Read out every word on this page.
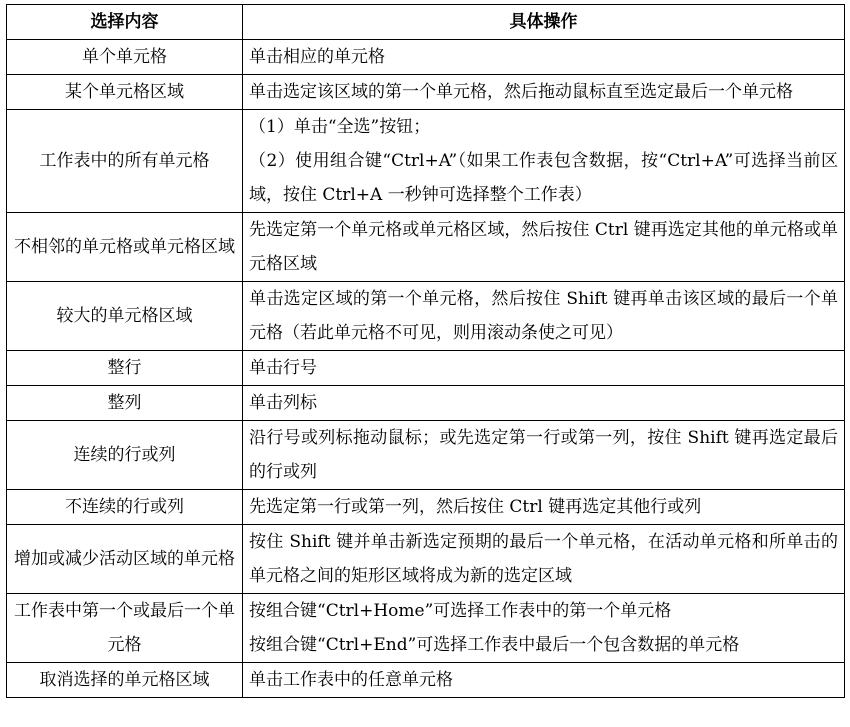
选择内容	具体操作
单个单元格	单击相应的单元格

某个单元格区域	单击选定该区域的第一个单元格，然后拖动鼠标直至选定最后一个单元格

工作表中的所有单元格	（1）单击“全选”按钮；
（2）使用组合键“Ctrl+A”（如果工作表包含数据，按“Ctrl+A”可选择当前区域，按住 Ctrl+A 一秒钟可选择整个工作表）

不相邻的单元格或单元格区域	先选定第一个单元格或单元格区域，然后按住 Ctrl 键再选定其他的单元格或单元格区域

较大的单元格区域	单击选定区域的第一个单元格，然后按住 Shift 键再单击该区域的最后一个单元格（若此单元格不可见，则用滚动条使之可见）

整行	单击行号

整列	单击列标

连续的行或列	沿行号或列标拖动鼠标；或先选定第一行或第一列，按住 Shift 键再选定最后的行或列

不连续的行或列	先选定第一行或第一列，然后按住 Ctrl 键再选定其他行或列

增加或减少活动区域的单元格	按住 Shift 键并单击新选定预期的最后一个单元格，在活动单元格和所单击的单元格之间的矩形区域将成为新的选定区域

工作表中第一个或最后一个单元格	按组合键“Ctrl+Home”可选择工作表中的第一个单元格
按组合键“Ctrl+End”可选择工作表中最后一个包含数据的单元格

取消选择的单元格区域	单击工作表中的任意单元格
